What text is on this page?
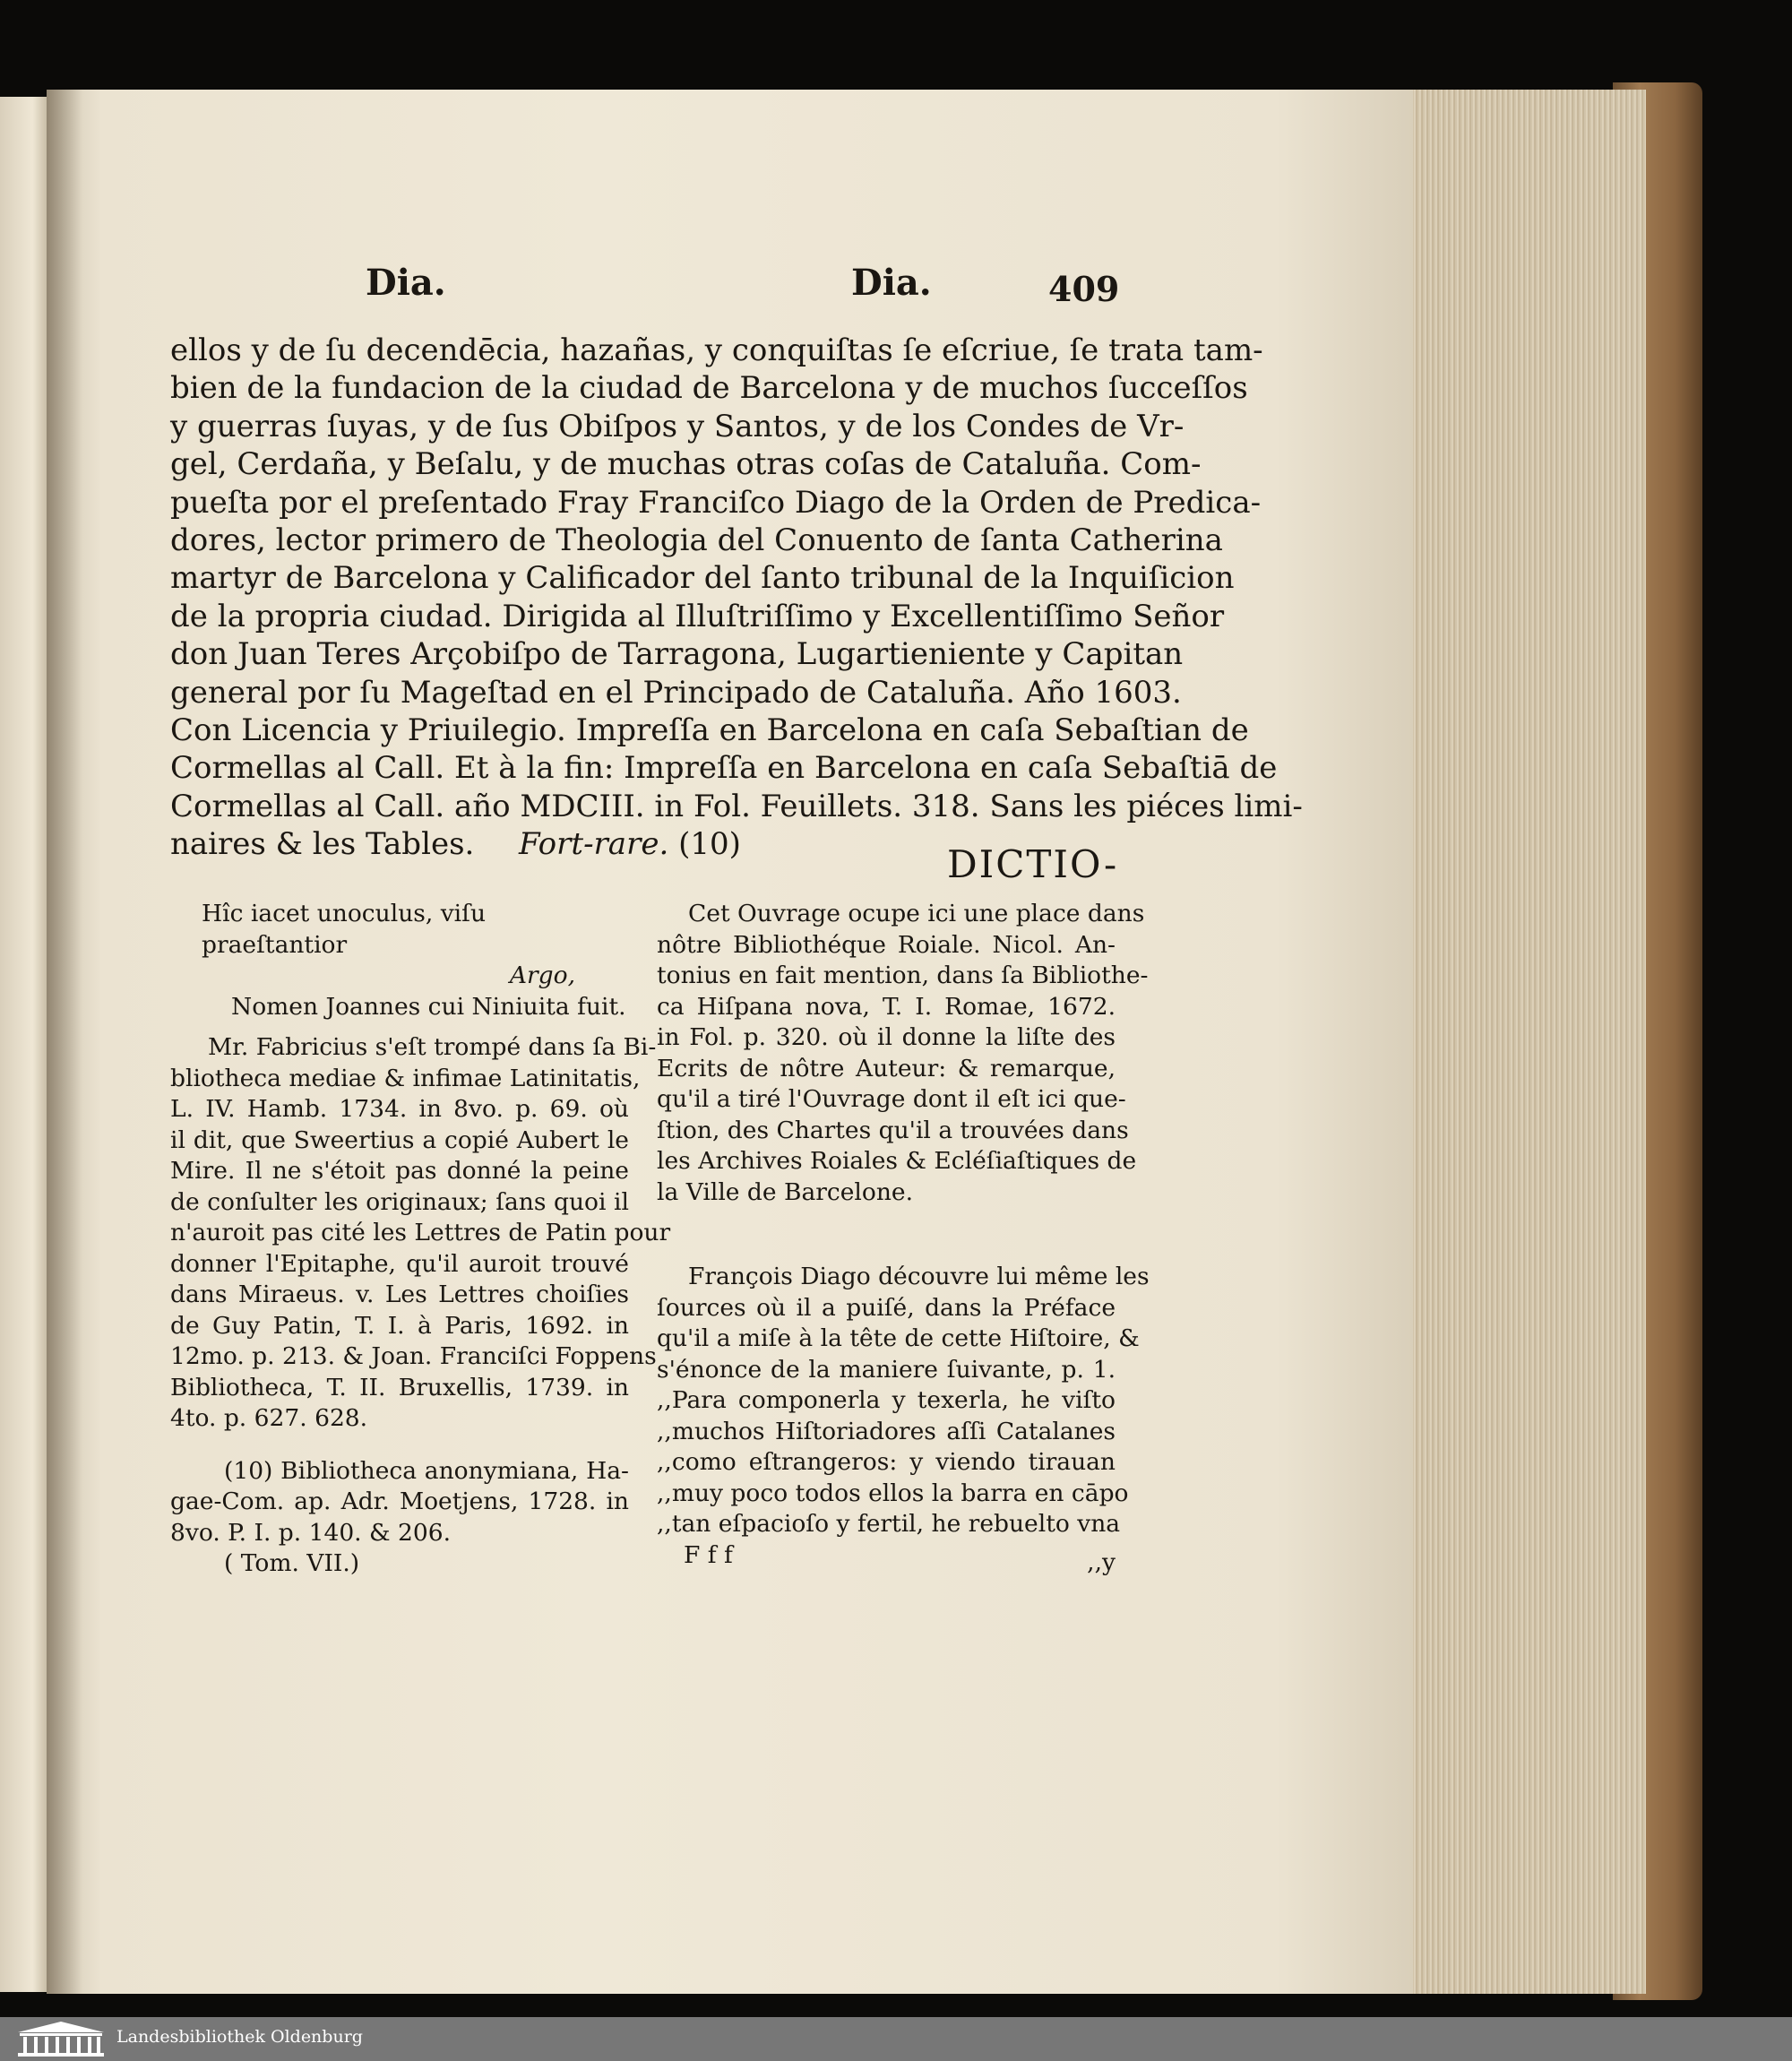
Dia.	Dia.	409
ellos y de ſu decendēcia, hazañas, y conquiſtas ſe eſcriue, ſe trata tam-
bien de la fundacion de la ciudad de Barcelona y de muchos ſucceſſos
y guerras ſuyas, y de ſus Obiſpos y Santos, y de los Condes de Vr-
gel, Cerdaña, y Beſalu, y de muchas otras coſas de Cataluña. Com-
pueſta por el preſentado Fray Franciſco Diago de la Orden de Predica-
dores, lector primero de Theologia del Conuento de ſanta Catherina
martyr de Barcelona y Calificador del ſanto tribunal de la Inquiſicion
de la propria ciudad. Dirigida al Illuſtriſſimo y Excellentiſſimo Señor
don Juan Teres Arçobiſpo de Tarragona, Lugartieniente y Capitan
general por ſu Mageſtad en el Principado de Cataluña. Año 1603.
Con Licencia y Priuilegio. Impreſſa en Barcelona en caſa Sebaſtian de
Cormellas al Call. Et à la fin: Impreſſa en Barcelona en caſa Sebaſtiā de
Cormellas al Call. año MDCIII. in Fol. Feuillets. 318. Sans les piéces limi-
naires & les Tables. Fort-rare. (10)	DICTIO-
Hîc iacet unoculus, viſu praeſtantior
Argo,
Nomen Joannes cui Niniuita fuit.
Mr. Fabricius s'eſt trompé dans ſa Bi-
bliotheca mediae & infimae Latinitatis,
L. IV. Hamb. 1734. in 8vo. p. 69. où
il dit, que Sweertius a copié Aubert le
Mire. Il ne s'étoit pas donné la peine
de conſulter les originaux; ſans quoi il
n'auroit pas cité les Lettres de Patin pour
donner l'Epitaphe, qu'il auroit trouvé
dans Miraeus. v. Les Lettres choiſies
de Guy Patin, T. I. à Paris, 1692. in
12mo. p. 213. & Joan. Franciſci Foppens
Bibliotheca, T. II. Bruxellis, 1739. in
4to. p. 627. 628.
(10) Bibliotheca anonymiana, Ha-
gae-Com. ap. Adr. Moetjens, 1728. in
8vo. P. I. p. 140. & 206.
( Tom. VII.)
Cet Ouvrage ocupe ici une place dans
nôtre Bibliothéque Roiale. Nicol. An-
tonius en fait mention, dans ſa Bibliothe-
ca Hiſpana nova, T. I. Romae, 1672.
in Fol. p. 320. où il donne la liſte des
Ecrits de nôtre Auteur: & remarque,
qu'il a tiré l'Ouvrage dont il eſt ici que-
ſtion, des Chartes qu'il a trouvées dans
les Archives Roiales & Ecléſiaſtiques de
la Ville de Barcelone.
François Diago découvre lui même les
ſources où il a puiſé, dans la Préface
qu'il a miſe à la tête de cette Hiſtoire, &
s'énonce de la maniere ſuivante, p. 1.
,,Para componerla y texerla, he viſto
,,muchos Hiſtoriadores aſſi Catalanes
,,como eſtrangeros: y viendo tirauan
,,muy poco todos ellos la barra en cāpo
,,tan eſpacioſo y fertil, he rebuelto vna
F f f	,,y
Landesbibliothek Oldenburg
